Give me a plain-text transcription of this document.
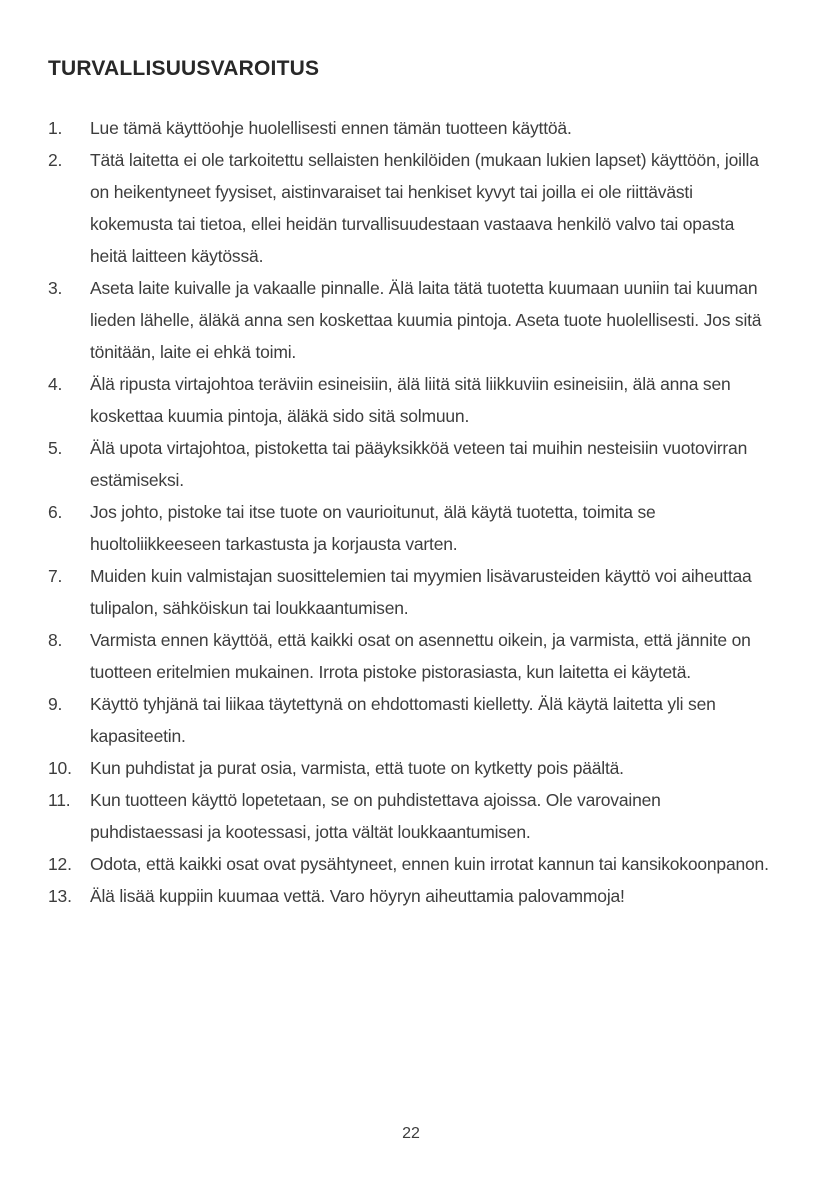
TURVALLISUUSVAROITUS
1.	Lue tämä käyttöohje huolellisesti ennen tämän tuotteen käyttöä.
2.	Tätä laitetta ei ole tarkoitettu sellaisten henkilöiden (mukaan lukien lapset) käyttöön, joilla on heikentyneet fyysiset, aistinvaraiset tai henkiset kyvyt tai joilla ei ole riittävästi kokemusta tai tietoa, ellei heidän turvallisuudestaan vastaava henkilö valvo tai opasta heitä laitteen käytössä.
3.	Aseta laite kuivalle ja vakaalle pinnalle. Älä laita tätä tuotetta kuumaan uuniin tai kuuman lieden lähelle, äläkä anna sen koskettaa kuumia pintoja. Aseta tuote huolellisesti. Jos sitä tönitään, laite ei ehkä toimi.
4.	Älä ripusta virtajohtoa teräviin esineisiin, älä liitä sitä liikkuviin esineisiin, älä anna sen koskettaa kuumia pintoja, äläkä sido sitä solmuun.
5.	Älä upota virtajohtoa, pistoketta tai pääyksikköä veteen tai muihin nesteisiin vuotovirran estämiseksi.
6.	Jos johto, pistoke tai itse tuote on vaurioitunut, älä käytä tuotetta, toimita se huoltoliikkeeseen tarkastusta ja korjausta varten.
7.	Muiden kuin valmistajan suosittelemien tai myymien lisävarusteiden käyttö voi aiheuttaa tulipalon, sähköiskun tai loukkaantumisen.
8.	Varmista ennen käyttöä, että kaikki osat on asennettu oikein, ja varmista, että jännite on tuotteen eritelmien mukainen. Irrota pistoke pistorasiasta, kun laitetta ei käytetä.
9.	Käyttö tyhjänä tai liikaa täytettynä on ehdottomasti kielletty. Älä käytä laitetta yli sen kapasiteetin.
10.	Kun puhdistat ja purat osia, varmista, että tuote on kytketty pois päältä.
11.	Kun tuotteen käyttö lopetetaan, se on puhdistettava ajoissa. Ole varovainen puhdistaessasi ja kootessasi, jotta vältät loukkaantumisen.
12.	Odota, että kaikki osat ovat pysähtyneet, ennen kuin irrotat kannun tai kansikokoonpanon.
13.	Älä lisää kuppiin kuumaa vettä. Varo höyryn aiheuttamia palovammoja!
22
